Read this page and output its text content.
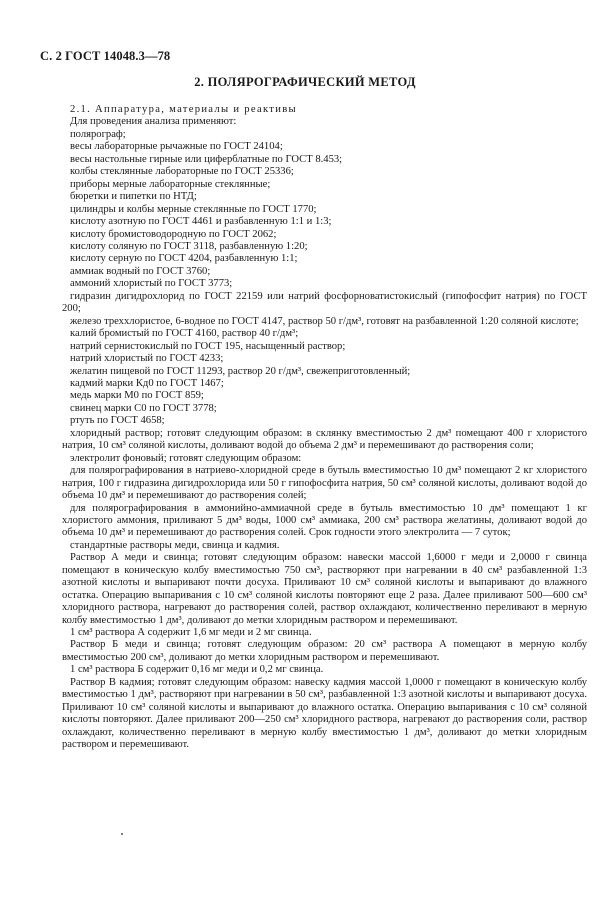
С. 2 ГОСТ 14048.3—78
2. ПОЛЯРОГРАФИЧЕСКИЙ МЕТОД

2.1. Аппаратура, материалы и реактивы

Для проведения анализа применяют:

полярограф;

весы лабораторные рычажные по ГОСТ 24104;

весы настольные гирные или циферблатные по ГОСТ 8.453;

колбы стеклянные лабораторные по ГОСТ 25336;

приборы мерные лабораторные стеклянные;

бюретки и пипетки по НТД;

цилиндры и колбы мерные стеклянные по ГОСТ 1770;

кислоту азотную по ГОСТ 4461 и разбавленную 1:1 и 1:3;

кислоту бромистоводородную по ГОСТ 2062;

кислоту соляную по ГОСТ 3118, разбавленную 1:20;

кислоту серную по ГОСТ 4204, разбавленную 1:1;

аммиак водный по ГОСТ 3760;

аммоний хлористый по ГОСТ 3773;

гидразин дигидрохлорид по ГОСТ 22159 или натрий фосфорноватистокислый (гипофосфит натрия) по ГОСТ 200;

железо треххлористое, 6-водное по ГОСТ 4147, раствор 50 г/дм³, готовят на разбавленной 1:20 соляной кислоте;

калий бромистый по ГОСТ 4160, раствор 40 г/дм³;

натрий сернистокислый по ГОСТ 195, насыщенный раствор;

натрий хлористый по ГОСТ 4233;

желатин пищевой по ГОСТ 11293, раствор 20 г/дм³, свежеприготовленный;

кадмий марки Кд0 по ГОСТ 1467;

медь марки М0 по ГОСТ 859;

свинец марки С0 по ГОСТ 3778;

ртуть по ГОСТ 4658;

хлоридный раствор; готовят следующим образом: в склянку вместимостью 2 дм³ помещают 400 г хлористого натрия, 10 см³ соляной кислоты, доливают водой до объема 2 дм³ и перемешивают до растворения соли;

электролит фоновый; готовят следующим образом:

для полярографирования в натриево-хлоридной среде в бутыль вместимостью 10 дм³ помещают 2 кг хлористого натрия, 100 г гидразина дигидрохлорида или 50 г гипофосфита натрия, 50 см³ соляной кислоты, доливают водой до объема 10 дм³ и перемешивают до растворения солей;

для полярографирования в аммонийно-аммиачной среде в бутыль вместимостью 10 дм³ помещают 1 кг хлористого аммония, приливают 5 дм³ воды, 1000 см³ аммиака, 200 см³ раствора желатины, доливают водой до объема 10 дм³ и перемешивают до растворения солей. Срок годности этого электролита — 7 суток;

стандартные растворы меди, свинца и кадмия.

Раствор А меди и свинца; готовят следующим образом: навески массой 1,6000 г меди и 2,0000 г свинца помещают в коническую колбу вместимостью 750 см³, растворяют при нагревании в 40 см³ разбавленной 1:3 азотной кислоты и выпаривают почти досуха. Приливают 10 см³ соляной кислоты и выпаривают до влажного остатка. Операцию выпаривания с 10 см³ соляной кислоты повторяют еще 2 раза. Далее приливают 500—600 см³ хлоридного раствора, нагревают до растворения солей, раствор охлаждают, количественно переливают в мерную колбу вместимостью 1 дм³, доливают до метки хлоридным раствором и перемешивают.

1 см³ раствора А содержит 1,6 мг меди и 2 мг свинца.

Раствор Б меди и свинца; готовят следующим образом: 20 см³ раствора А помещают в мерную колбу вместимостью 200 см³, доливают до метки хлоридным раствором и перемешивают.

1 см³ раствора Б содержит 0,16 мг меди и 0,2 мг свинца.

Раствор В кадмия; готовят следующим образом: навеску кадмия массой 1,0000 г помещают в коническую колбу вместимостью 1 дм³, растворяют при нагревании в 50 см³, разбавленной 1:3 азотной кислоты и выпаривают досуха. Приливают 10 см³ соляной кислоты и выпаривают до влажного остатка. Операцию выпаривания с 10 см³ соляной кислоты повторяют. Далее приливают 200—250 см³ хлоридного раствора, нагревают до растворения соли, раствор охлаждают, количественно переливают в мерную колбу вместимостью 1 дм³, доливают до метки хлоридным раствором и перемешивают.
